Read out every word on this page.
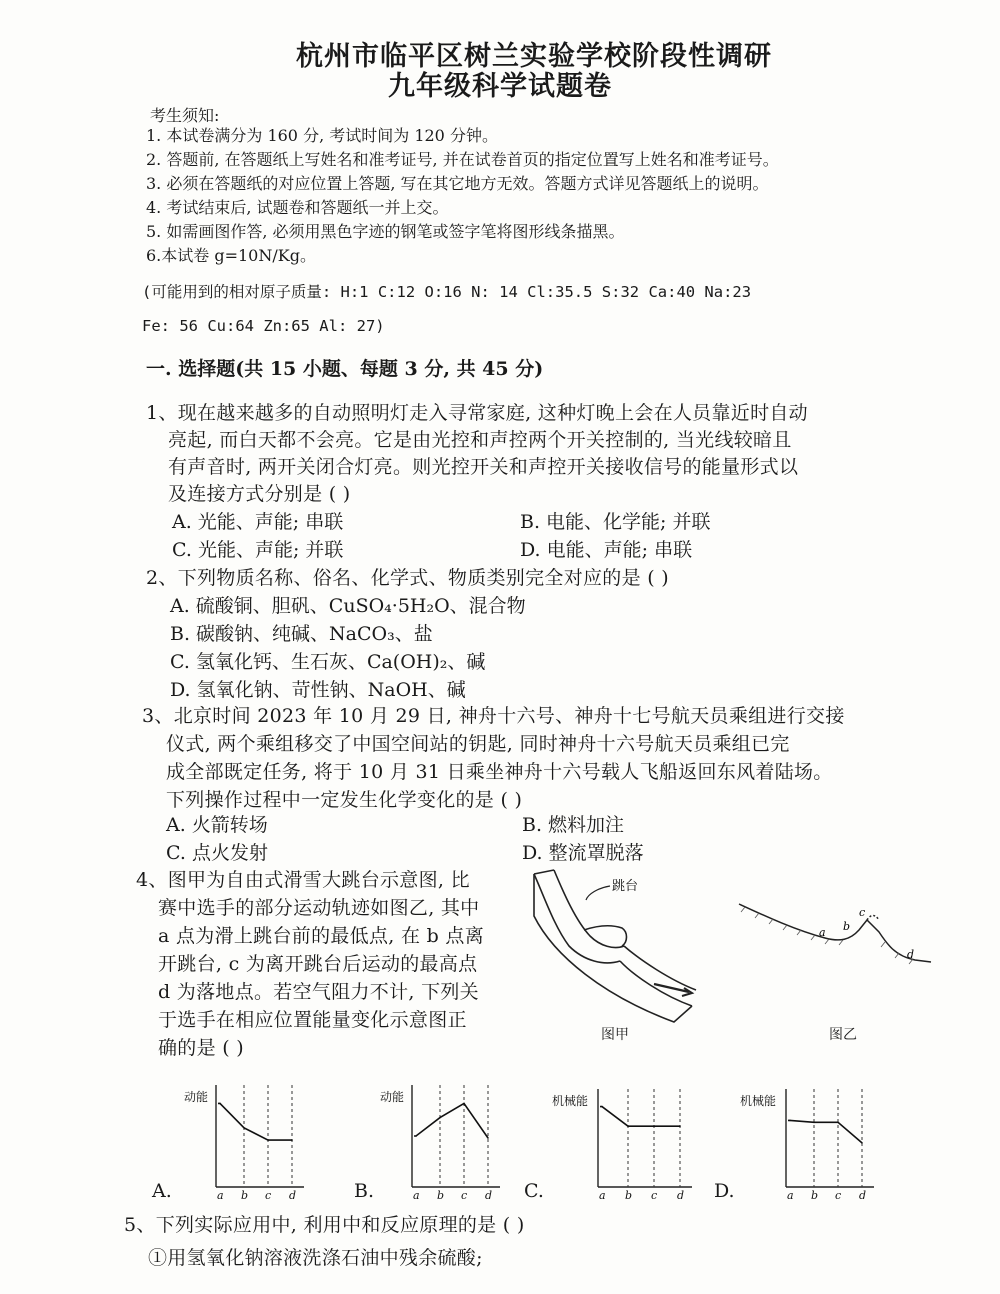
杭州市临平区树兰实验学校阶段性调研
九年级科学试题卷
考生须知:
1. 本试卷满分为 160 分, 考试时间为 120 分钟。
2. 答题前, 在答题纸上写姓名和准考证号, 并在试卷首页的指定位置写上姓名和准考证号。
3. 必须在答题纸的对应位置上答题, 写在其它地方无效。答题方式详见答题纸上的说明。
4. 考试结束后, 试题卷和答题纸一并上交。
5. 如需画图作答, 必须用黑色字迹的钢笔或签字笔将图形线条描黑。
6.本试卷 g=10N/Kg。
(可能用到的相对原子质量: H:1 C:12 O:16 N: 14 Cl:35.5 S:32 Ca:40 Na:23
Fe: 56 Cu:64 Zn:65 Al: 27)
一. 选择题(共 15 小题、每题 3 分, 共 45 分)
1、现在越来越多的自动照明灯走入寻常家庭, 这种灯晚上会在人员靠近时自动
亮起, 而白天都不会亮。它是由光控和声控两个开关控制的, 当光线较暗且
有声音时, 两开关闭合灯亮。则光控开关和声控开关接收信号的能量形式以
及连接方式分别是 ( )
A. 光能、声能; 串联	B. 电能、化学能; 并联
C. 光能、声能; 并联	D. 电能、声能; 串联
2、下列物质名称、俗名、化学式、物质类别完全对应的是 ( )
A. 硫酸铜、胆矾、CuSO₄·5H₂O、混合物
B. 碳酸钠、纯碱、NaCO₃、盐
C. 氢氧化钙、生石灰、Ca(OH)₂、碱
D. 氢氧化钠、苛性钠、NaOH、碱
3、北京时间 2023 年 10 月 29 日, 神舟十六号、神舟十七号航天员乘组进行交接
仪式, 两个乘组移交了中国空间站的钥匙, 同时神舟十六号航天员乘组已完
成全部既定任务, 将于 10 月 31 日乘坐神舟十六号载人飞船返回东风着陆场。
下列操作过程中一定发生化学变化的是 ( )
A. 火箭转场	B. 燃料加注
C. 点火发射	D. 整流罩脱落
4、图甲为自由式滑雪大跳台示意图, 比
赛中选手的部分运动轨迹如图乙, 其中
a 点为滑上跳台前的最低点, 在 b 点离
开跳台, c 为离开跳台后运动的最高点
d 为落地点。若空气阻力不计, 下列关
于选手在相应位置能量变化示意图正
确的是 ( )
跳台
图甲
a b
c
d
图乙
A.	B.	C.	D.
动能
a b c d
动能
a b c d
机械能
a b c d
机械能
a b c d
5、下列实际应用中, 利用中和反应原理的是 ( )
①用氢氧化钠溶液洗涤石油中残余硫酸;
